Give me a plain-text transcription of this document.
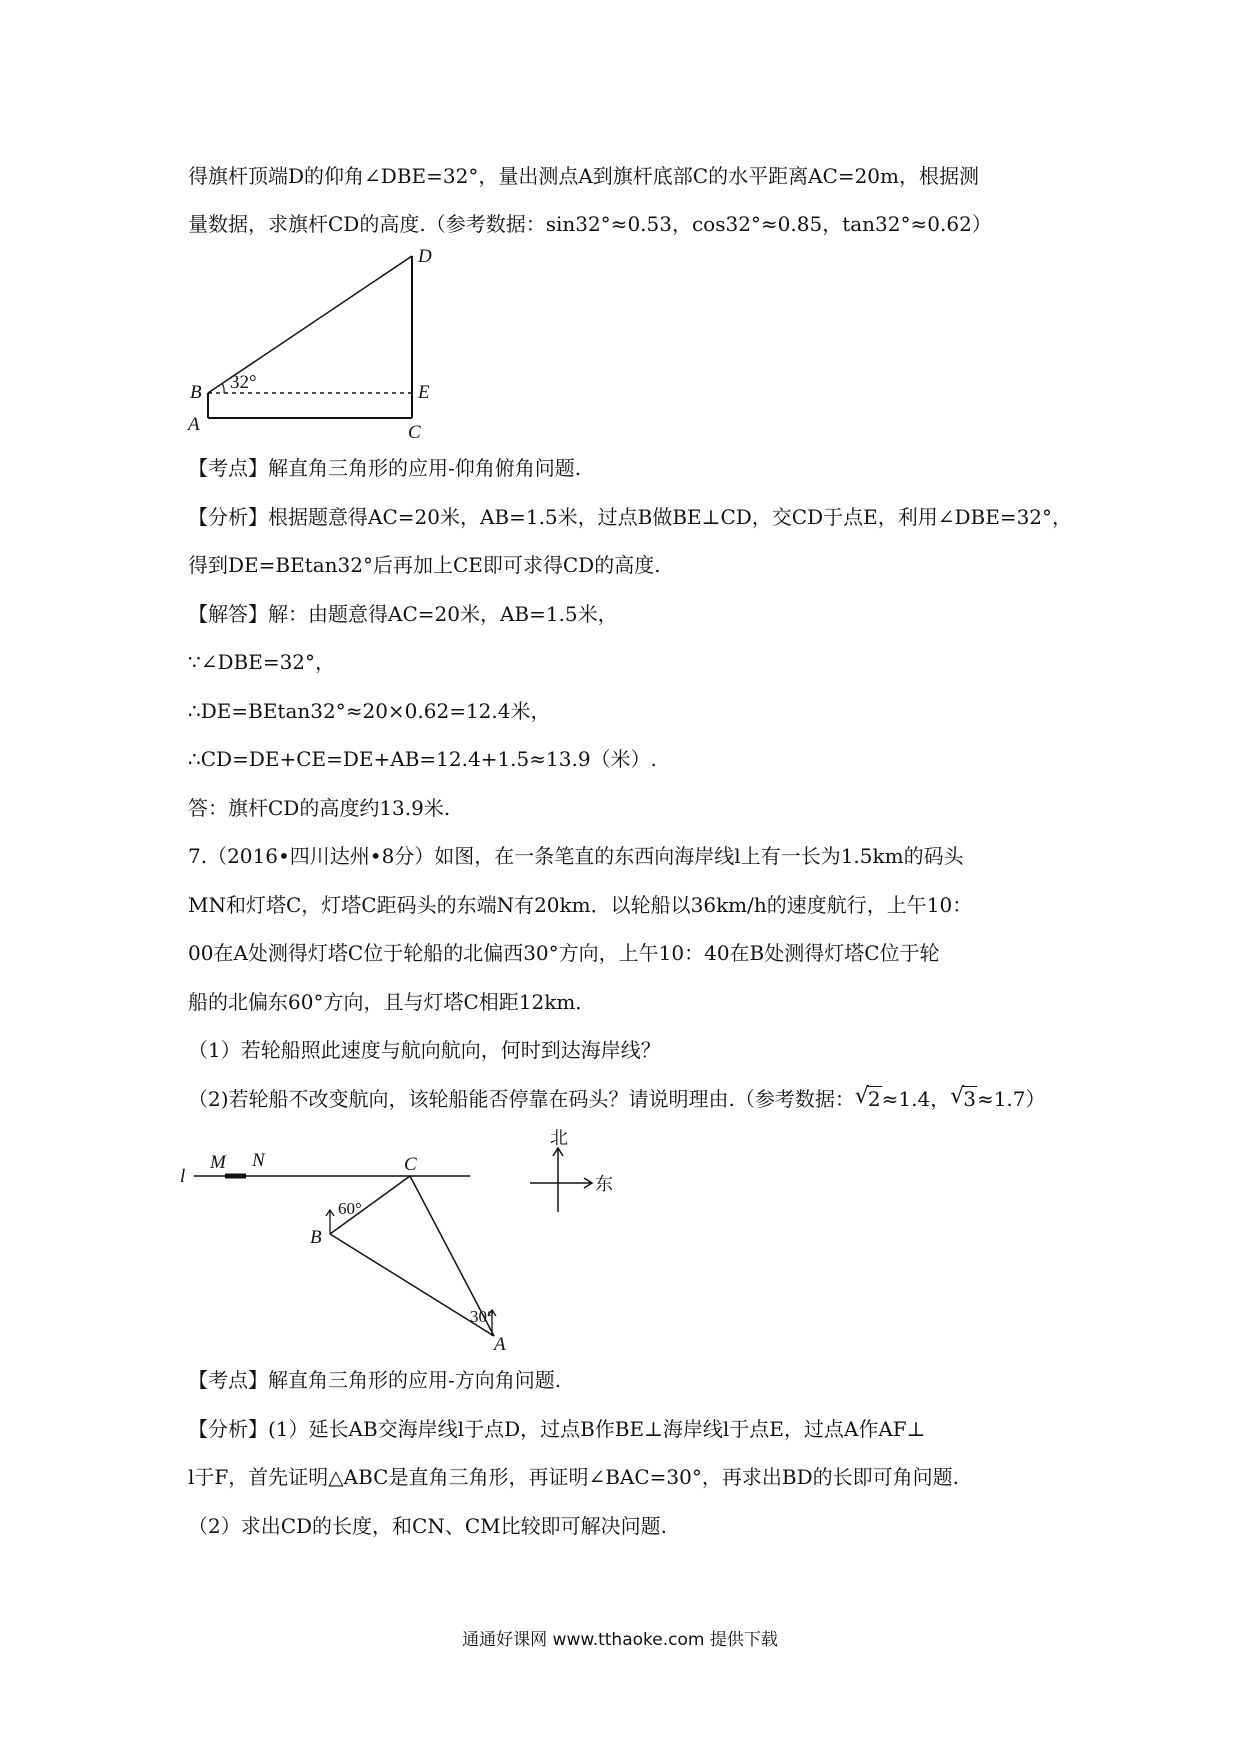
得旗杆顶端D的仰角∠DBE=32°，量出测点A到旗杆底部C的水平距离AC=20m，根据测
量数据，求旗杆CD的高度.（参考数据：sin32°≈0.53，cos32°≈0.85，tan32°≈0.62）
D
B	E
A	C
32°
【考点】解直角三角形的应用-仰角俯角问题.
【分析】根据题意得AC=20米，AB=1.5米，过点B做BE⊥CD，交CD于点E，利用∠DBE=32°，
得到DE=BEtan32°后再加上CE即可求得CD的高度.
【解答】解：由题意得AC=20米，AB=1.5米，
∵∠DBE=32°，
∴DE=BEtan32°≈20×0.62=12.4米，
∴CD=DE+CE=DE+AB=12.4+1.5≈13.9（米）.
答：旗杆CD的高度约13.9米.
7.（2016•四川达州•8分）如图，在一条笔直的东西向海岸线l上有一长为1.5km的码头
MN和灯塔C，灯塔C距码头的东端N有20km．以轮船以36km/h的速度航行，上午10：
00在A处测得灯塔C位于轮船的北偏西30°方向，上午10：40在B处测得灯塔C位于轮
船的北偏东60°方向，且与灯塔C相距12km．
（1）若轮船照此速度与航向航向，何时到达海岸线？
（2)若轮船不改变航向，该轮船能否停靠在码头？请说明理由.（参考数据： √
2≈1.4， √
3≈1.7）
l
M N	C
B
A
60°
30°
北
东
【考点】解直角三角形的应用-方向角问题.
【分析】(1）延长AB交海岸线l于点D，过点B作BE⊥海岸线l于点E，过点A作AF⊥
l于F，首先证明△ABC是直角三角形，再证明∠BAC=30°，再求出BD的长即可角问题.
（2）求出CD的长度，和CN、CM比较即可解决问题.
通通好课网 www.tthaoke.com 提供下载
